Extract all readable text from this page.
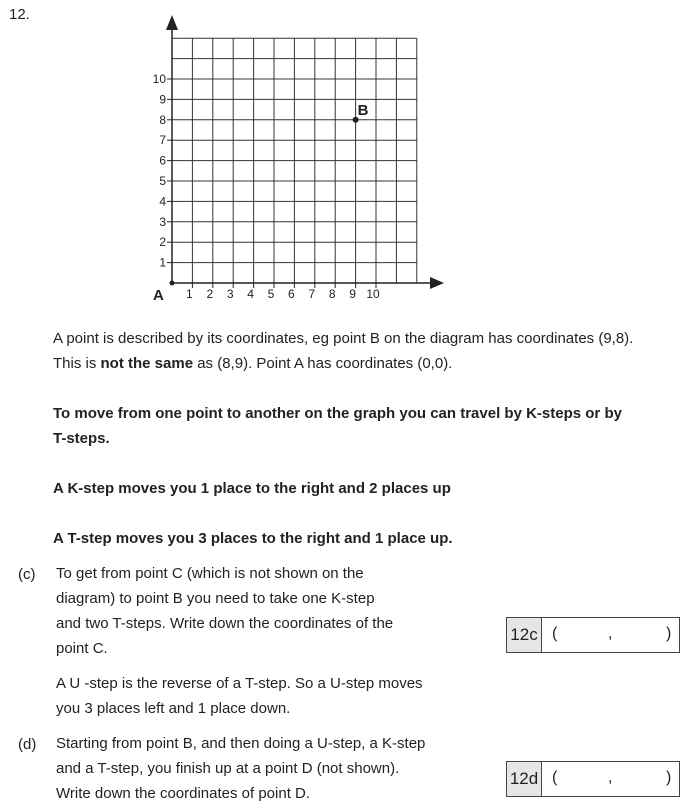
12.
1
2
3
4
5
6
7
8
9
10
1 2 3 4 5 6 7 8 9 10
A
B
A point is described by its coordinates, eg point B on the diagram has coordinates (9,8).
This is not the same as (8,9). Point A has coordinates (0,0).
To move from one point to another on the graph you can travel by K-steps or by
T-steps.
A K-step moves you 1 place to the right and 2 places up
A T-step moves you 3 places to the right and 1 place up.
(c) To get from point C (which is not shown on the
diagram) to point B you need to take one K-step
and two T-steps. Write down the coordinates of the
point C.
12c (	,	)
A U -step is the reverse of a T-step. So a U-step moves
you 3 places left and 1 place down.
(d) Starting from point B, and then doing a U-step, a K-step
and a T-step, you finish up at a point D (not shown).
Write down the coordinates of point D.
12d (	,	)
